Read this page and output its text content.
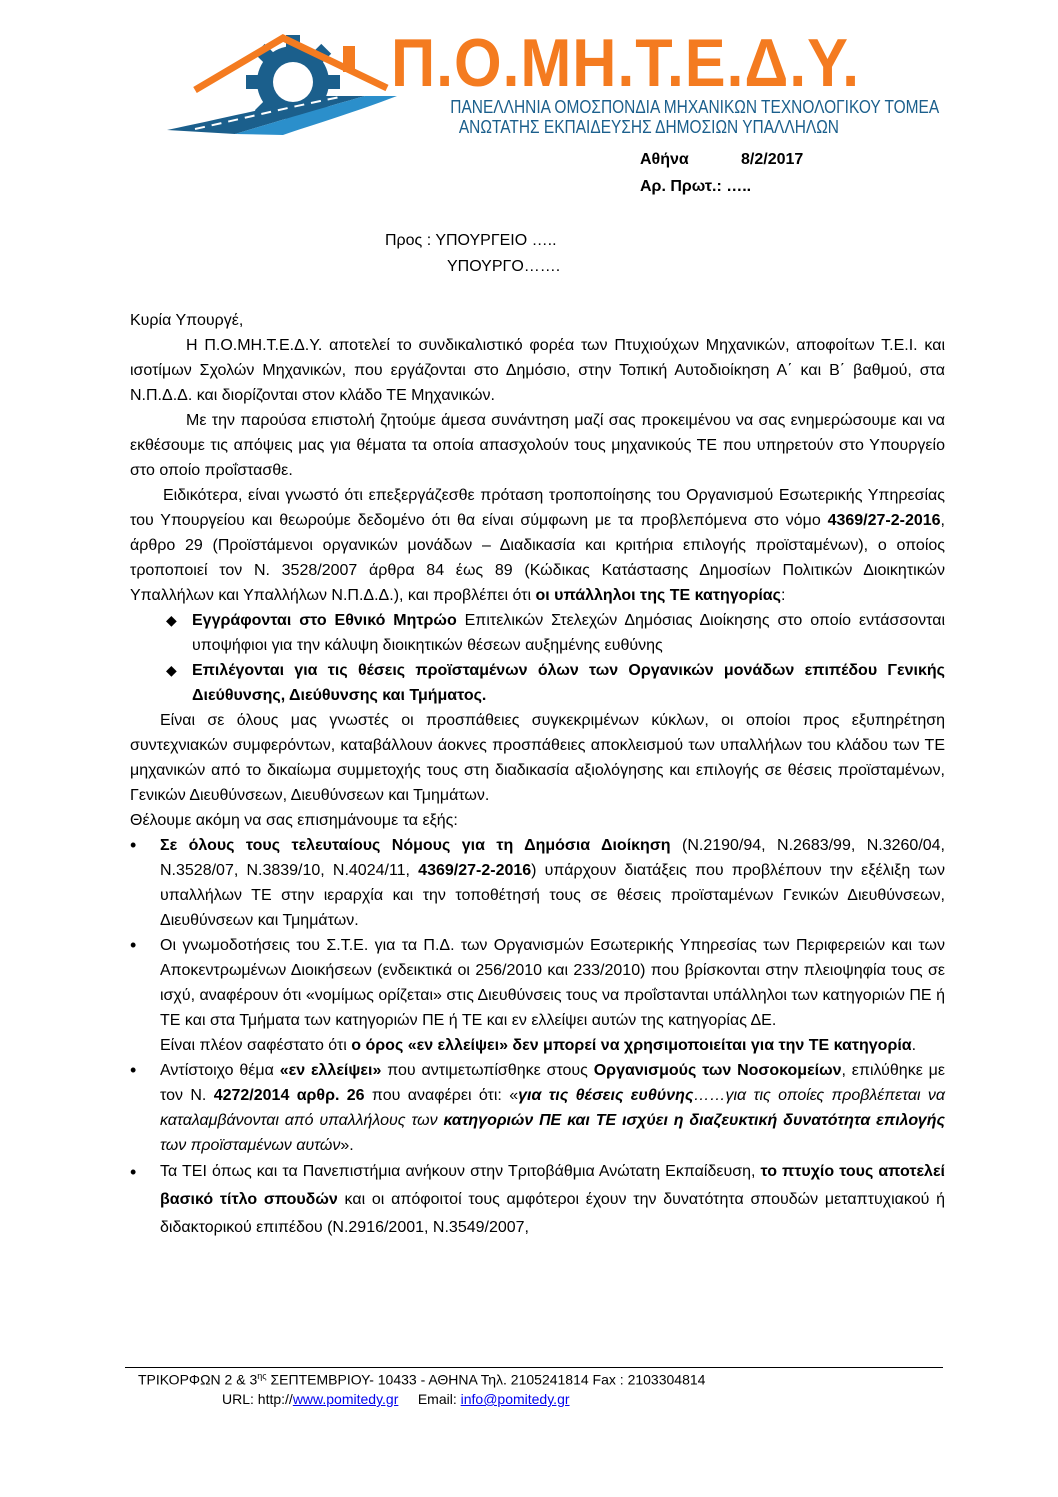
Π.Ο.ΜΗ.Τ.Ε.Δ.Υ.
ΠΑΝΕΛΛΗΝΙΑ ΟΜΟΣΠΟΝΔΙΑ ΜΗΧΑΝΙΚΩΝ ΤΕΧΝΟΛΟΓΙΚΟΥ ΤΟΜΕΑ
ΑΝΩΤΑΤΗΣ ΕΚΠΑΙΔΕΥΣΗΣ ΔΗΜΟΣΙΩΝ ΥΠΑΛΛΗΛΩΝ
Αθήνα	8/2/2017
Αρ. Πρωτ.: …..
Προς : ΥΠΟΥΡΓΕΙΟ …..
ΥΠΟΥΡΓΟ…….

Κυρία Υπουργέ,

Η Π.Ο.ΜΗ.Τ.Ε.Δ.Υ. αποτελεί το συνδικαλιστικό φορέα των Πτυχιούχων Μηχανικών, αποφοίτων Τ.Ε.Ι. και ισοτίμων Σχολών Μηχανικών, που εργάζονται στο Δημόσιο, στην Τοπική Αυτοδιοίκηση Α΄ και Β΄ βαθμού, στα Ν.Π.Δ.Δ. και διορίζονται στον κλάδο ΤΕ Μηχανικών.

Με την παρούσα επιστολή ζητούμε άμεσα συνάντηση μαζί σας προκειμένου να σας ενημερώσουμε και να εκθέσουμε τις απόψεις μας για θέματα τα οποία απασχολούν τους μηχανικούς ΤΕ που υπηρετούν στο Υπουργείο στο οποίο προΐστασθε.

Ειδικότερα, είναι γνωστό ότι επεξεργάζεσθε πρόταση τροποποίησης του Οργανισμού Εσωτερικής Υπηρεσίας του Υπουργείου και θεωρούμε δεδομένο ότι θα είναι σύμφωνη με τα προβλεπόμενα στο νόμο 4369/27-2-2016, άρθρο 29 (Προϊστάμενοι οργανικών μονάδων – Διαδικασία και κριτήρια επιλογής προϊσταμένων), ο οποίος τροποποιεί τον Ν. 3528/2007 άρθρα 84 έως 89 (Κώδικας Κατάστασης Δημοσίων Πολιτικών Διοικητικών Υπαλλήλων και Υπαλλήλων Ν.Π.Δ.Δ.), και προβλέπει ότι οι υπάλληλοι της ΤΕ κατηγορίας:

◆ Εγγράφονται στο Εθνικό Μητρώο Επιτελικών Στελεχών Δημόσιας Διοίκησης στο οποίο εντάσσονται υποψήφιοι για την κάλυψη διοικητικών θέσεων αυξημένης ευθύνης
◆ Επιλέγονται για τις θέσεις προϊσταμένων όλων των Οργανικών μονάδων επιπέδου Γενικής Διεύθυνσης, Διεύθυνσης και Τμήματος.

Είναι σε όλους μας γνωστές οι προσπάθειες συγκεκριμένων κύκλων, οι οποίοι προς εξυπηρέτηση συντεχνιακών συμφερόντων, καταβάλλουν άοκνες προσπάθειες αποκλεισμού των υπαλλήλων του κλάδου των ΤΕ μηχανικών από το δικαίωμα συμμετοχής τους στη διαδικασία αξιολόγησης και επιλογής σε θέσεις προϊσταμένων, Γενικών Διευθύνσεων, Διευθύνσεων και Τμημάτων.

Θέλουμε ακόμη να σας επισημάνουμε τα εξής:

• Σε όλους τους τελευταίους Νόμους για τη Δημόσια Διοίκηση (Ν.2190/94, Ν.2683/99, Ν.3260/04, Ν.3528/07, Ν.3839/10, Ν.4024/11, 4369/27-2-2016) υπάρχουν διατάξεις που προβλέπουν την εξέλιξη των υπαλλήλων ΤΕ στην ιεραρχία και την τοποθέτησή τους σε θέσεις προϊσταμένων Γενικών Διευθύνσεων, Διευθύνσεων και Τμημάτων.
• Οι γνωμοδοτήσεις του Σ.Τ.Ε. για τα Π.Δ. των Οργανισμών Εσωτερικής Υπηρεσίας των Περιφερειών και των Αποκεντρωμένων Διοικήσεων (ενδεικτικά οι 256/2010 και 233/2010) που βρίσκονται στην πλειοψηφία τους σε ισχύ, αναφέρουν ότι «νομίμως ορίζεται» στις Διευθύνσεις τους να προΐστανται υπάλληλοι των κατηγοριών ΠΕ ή ΤΕ και στα Τμήματα των κατηγοριών ΠΕ ή ΤΕ και εν ελλείψει αυτών της κατηγορίας ΔΕ.
Είναι πλέον σαφέστατο ότι ο όρος «εν ελλείψει» δεν μπορεί να χρησιμοποιείται για την ΤΕ κατηγορία.
• Αντίστοιχο θέμα «εν ελλείψει» που αντιμετωπίσθηκε στους Οργανισμούς των Νοσοκομείων, επιλύθηκε με τον Ν. 4272/2014 αρθρ. 26 που αναφέρει ότι: «για τις θέσεις ευθύνης……για τις οποίες προβλέπεται να καταλαμβάνονται από υπαλλήλους των κατηγοριών ΠΕ και ΤΕ ισχύει η διαζευκτική δυνατότητα επιλογής των προϊσταμένων αυτών».
• Τα ΤΕΙ όπως και τα Πανεπιστήμια ανήκουν στην Τριτοβάθμια Ανώτατη Εκπαίδευση, το πτυχίο τους αποτελεί βασικό τίτλο σπουδών και οι απόφοιτοί τους αμφότεροι έχουν την δυνατότητα σπουδών μεταπτυχιακού ή διδακτορικού επιπέδου (Ν.2916/2001, Ν.3549/2007,
ΤΡΙΚΟΡΦΩΝ 2 & $3^{\eta\varsigma}$ ΣΕΠΤΕΜΒΡΙΟΥ- 10433 - ΑΘΗΝΑ Τηλ. 2105241814 Fax : 2103304814
URL: http://www.pomitedy.gr Email: info@pomitedy.gr
